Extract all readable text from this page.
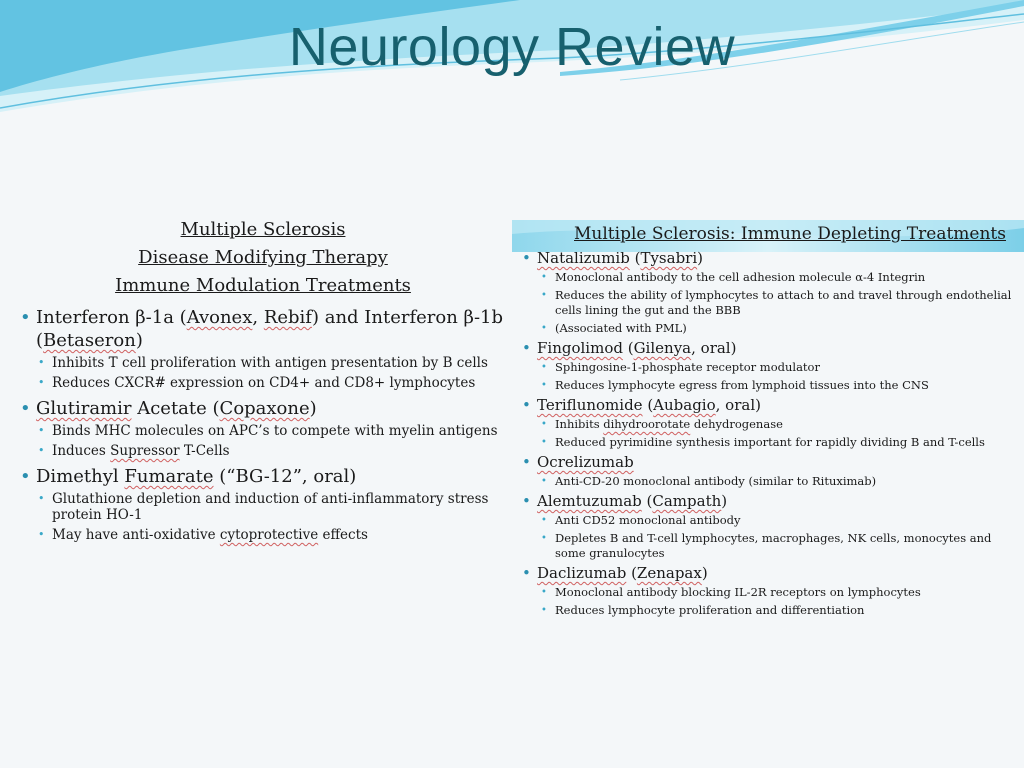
Neurology Review
Multiple Sclerosis
Disease Modifying Therapy
Immune Modulation Treatments
• Interferon β-1a (Avonex, Rebif) and Interferon β-1b (Betaseron)
• Inhibits T cell proliferation with antigen presentation by B cells
• Reduces CXCR# expression on CD4+ and CD8+ lymphocytes
• Glutiramir Acetate (Copaxone)
• Binds MHC molecules on APC’s to compete with myelin antigens
• Induces Supressor T-Cells
• Dimethyl Fumarate (“BG-12”, oral)
• Glutathione depletion and induction of anti-inflammatory stress protein HO-1
• May have anti-oxidative cytoprotective effects
Multiple Sclerosis: Immune Depleting Treatments
• Natalizumib (Tysabri)
• Monoclonal antibody to the cell adhesion molecule α-4 Integrin
• Reduces the ability of lymphocytes to attach to and travel through endothelial cells lining the gut and the BBB
• (Associated with PML)
• Fingolimod (Gilenya, oral)
• Sphingosine-1-phosphate receptor modulator
• Reduces lymphocyte egress from lymphoid tissues into the CNS
• Teriflunomide (Aubagio, oral)
• Inhibits dihydroorotate dehydrogenase
• Reduced pyrimidine synthesis important for rapidly dividing B and T-cells
• Ocrelizumab
• Anti-CD-20 monoclonal antibody (similar to Rituximab)
• Alemtuzumab (Campath)
• Anti CD52 monoclonal antibody
• Depletes B and T-cell lymphocytes, macrophages, NK cells, monocytes and some granulocytes
• Daclizumab (Zenapax)
• Monoclonal antibody blocking IL-2R receptors on lymphocytes
• Reduces lymphocyte proliferation and differentiation
